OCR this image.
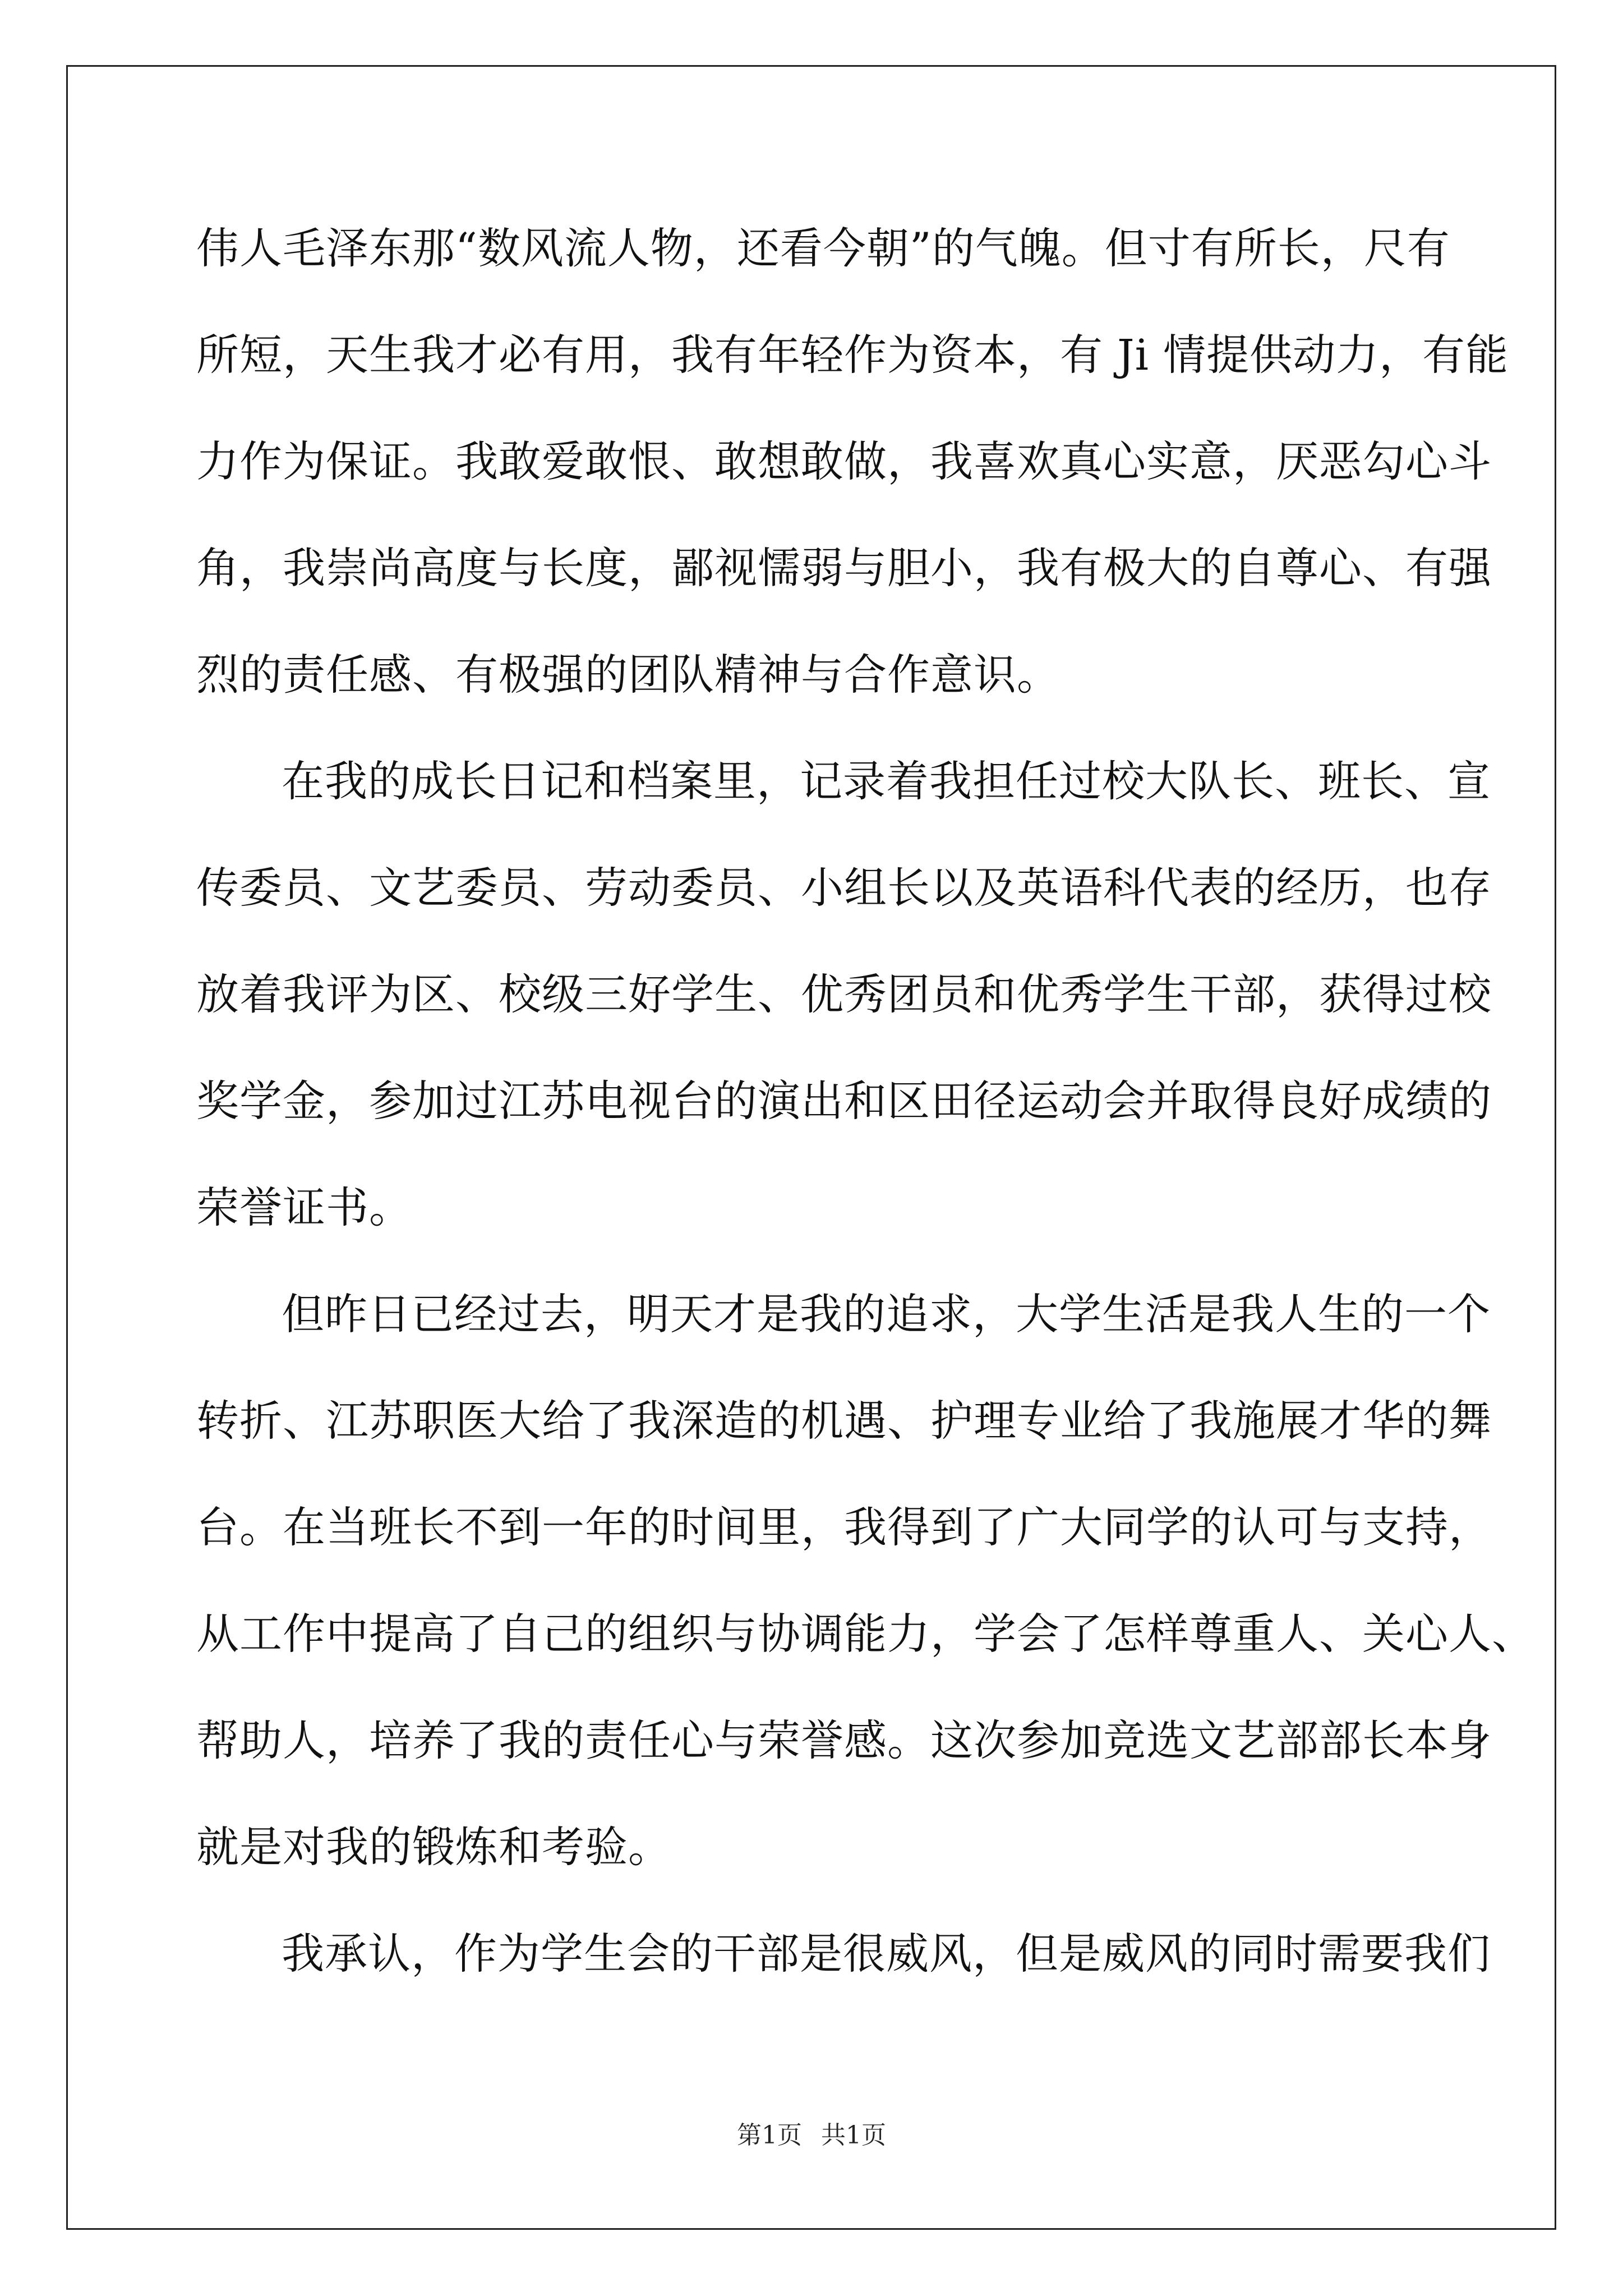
伟人毛泽东那“数风流人物，还看今朝”的气魄。但寸有所长，尺有
所短，天生我才必有用，我有年轻作为资本，有 Ji 情提供动力，有能
力作为保证。我敢爱敢恨、敢想敢做，我喜欢真心实意，厌恶勾心斗
角，我崇尚高度与长度，鄙视懦弱与胆小，我有极大的自尊心、有强
烈的责任感、有极强的团队精神与合作意识。
在我的成长日记和档案里，记录着我担任过校大队长、班长、宣
传委员、文艺委员、劳动委员、小组长以及英语科代表的经历，也存
放着我评为区、校级三好学生、优秀团员和优秀学生干部，获得过校
奖学金，参加过江苏电视台的演出和区田径运动会并取得良好成绩的
荣誉证书。
但昨日已经过去，明天才是我的追求，大学生活是我人生的一个
转折、江苏职医大给了我深造的机遇、护理专业给了我施展才华的舞
台。在当班长不到一年的时间里，我得到了广大同学的认可与支持，
从工作中提高了自己的组织与协调能力，学会了怎样尊重人、关心人、
帮助人，培养了我的责任心与荣誉感。这次参加竞选文艺部部长本身
就是对我的锻炼和考验。
我承认，作为学生会的干部是很威风，但是威风的同时需要我们
第1页 共1页
